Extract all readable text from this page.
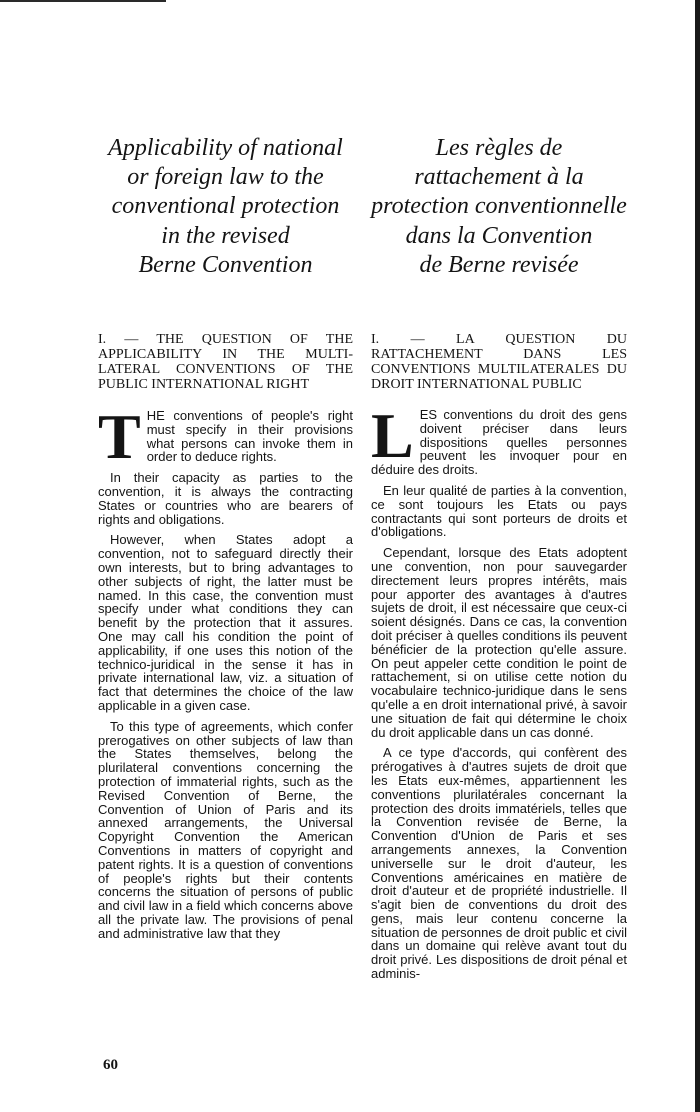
Applicability of national
or foreign law to the
conventional protection
in the revised
Berne Convention
I. — THE QUESTION OF THE APPLICABILITY IN THE MULTI-LATERAL CONVENTIONS OF THE PUBLIC INTERNATIONAL RIGHT

THE conventions of people's right must specify in their provisions what persons can invoke them in order to deduce rights.

In their capacity as parties to the convention, it is always the contracting States or countries who are bearers of rights and obligations.

However, when States adopt a convention, not to safeguard directly their own interests, but to bring advantages to other subjects of right, the latter must be named. In this case, the convention must specify under what conditions they can benefit by the protection that it assures. One may call his condition the point of applicability, if one uses this notion of the technico-juridical in the sense it has in private international law, viz. a situation of fact that determines the choice of the law applicable in a given case.

To this type of agreements, which confer prerogatives on other subjects of law than the States themselves, belong the plurilateral conventions concerning the protection of immaterial rights, such as the Revised Convention of Berne, the Convention of Union of Paris and its annexed arrangements, the Universal Copyright Convention the American Conventions in matters of copyright and patent rights. It is a question of conventions of people's rights but their contents concerns the situation of persons of public and civil law in a field which concerns above all the private law. The provisions of penal and administrative law that they

Les règles de
rattachement à la
protection conventionnelle
dans la Convention
de Berne revisée
I. — LA QUESTION DU RATTACHEMENT DANS LES CONVENTIONS MULTILATERALES DU DROIT INTERNATIONAL PUBLIC

LES conventions du droit des gens doivent préciser dans leurs dispositions quelles personnes peuvent les invoquer pour en déduire des droits.

En leur qualité de parties à la convention, ce sont toujours les Etats ou pays contractants qui sont porteurs de droits et d'obligations.

Cependant, lorsque des Etats adoptent une convention, non pour sauvegarder directement leurs propres intérêts, mais pour apporter des avantages à d'autres sujets de droit, il est nécessaire que ceux-ci soient désignés. Dans ce cas, la convention doit préciser à quelles conditions ils peuvent bénéficier de la protection qu'elle assure. On peut appeler cette condition le point de rattachement, si on utilise cette notion du vocabulaire technico-juridique dans le sens qu'elle a en droit international privé, à savoir une situation de fait qui détermine le choix du droit applicable dans un cas donné.

A ce type d'accords, qui confèrent des prérogatives à d'autres sujets de droit que les Etats eux-mêmes, appartiennent les conventions plurilatérales concernant la protection des droits immatériels, telles que la Convention revisée de Berne, la Convention d'Union de Paris et ses arrangements annexes, la Convention universelle sur le droit d'auteur, les Conventions américaines en matière de droit d'auteur et de propriété industrielle. Il s'agit bien de conventions du droit des gens, mais leur contenu concerne la situation de personnes de droit public et civil dans un domaine qui relève avant tout du droit privé. Les dispositions de droit pénal et adminis-

60
